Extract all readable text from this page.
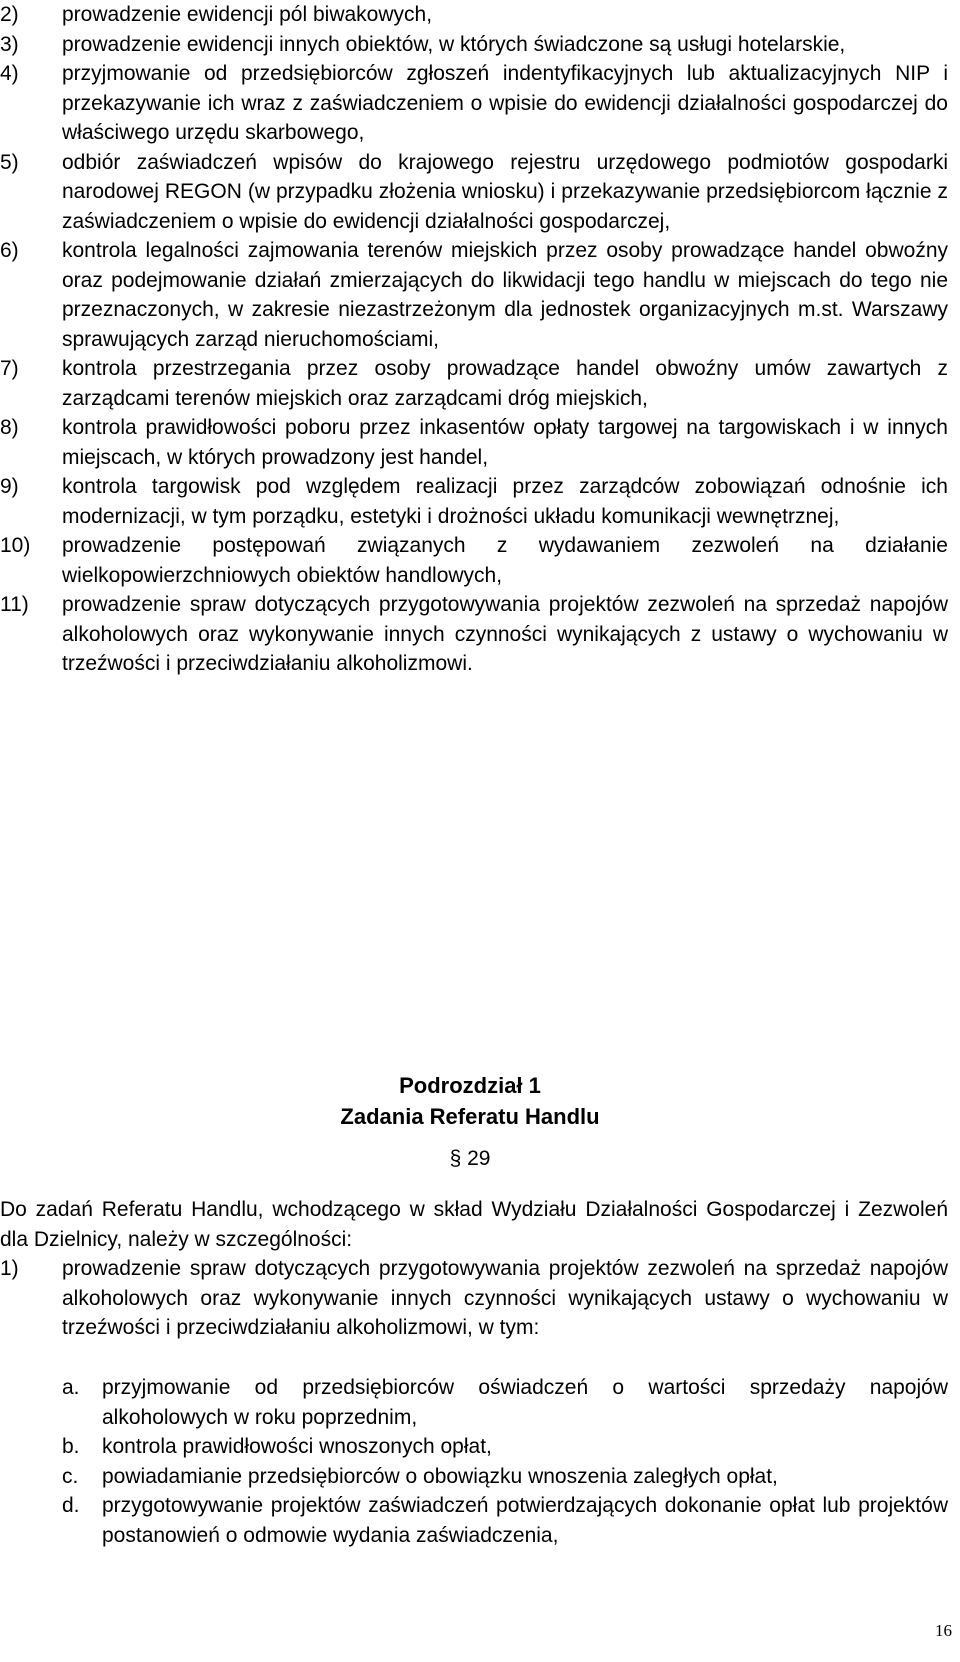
2)	prowadzenie ewidencji pól biwakowych,
3)	prowadzenie ewidencji innych obiektów, w których świadczone są usługi hotelarskie,
4)	przyjmowanie od przedsiębiorców zgłoszeń indentyfikacyjnych lub aktualizacyjnych NIP i przekazywanie ich wraz z zaświadczeniem o wpisie do ewidencji działalności gospodarczej do właściwego urzędu skarbowego,
5)	odbiór zaświadczeń wpisów do krajowego rejestru urzędowego podmiotów gospodarki narodowej REGON (w przypadku złożenia wniosku) i przekazywanie przedsiębiorcom łącznie z zaświadczeniem o wpisie do ewidencji działalności gospodarczej,
6)	kontrola legalności zajmowania terenów miejskich przez osoby prowadzące handel obwoźny oraz podejmowanie działań zmierzających do likwidacji tego handlu w miejscach do tego nie przeznaczonych, w zakresie niezastrzeżonym dla jednostek organizacyjnych m.st. Warszawy sprawujących zarząd nieruchomościami,
7)	kontrola przestrzegania przez osoby prowadzące handel obwoźny umów zawartych z zarządcami terenów miejskich oraz zarządcami dróg miejskich,
8)	kontrola prawidłowości poboru przez inkasentów opłaty targowej na targowiskach i w innych miejscach, w których prowadzony jest handel,
9)	kontrola targowisk pod względem realizacji przez zarządców zobowiązań odnośnie ich modernizacji, w tym porządku, estetyki i drożności układu komunikacji wewnętrznej,
10)	prowadzenie postępowań związanych z wydawaniem zezwoleń na działanie wielkopowierzchniowych obiektów handlowych,
11)	prowadzenie spraw dotyczących przygotowywania projektów zezwoleń na sprzedaż napojów alkoholowych oraz wykonywanie innych czynności wynikających z ustawy o wychowaniu w trzeźwości i przeciwdziałaniu alkoholizmowi.
Podrozdział 1
Zadania Referatu Handlu
§ 29
Do zadań Referatu Handlu, wchodzącego w skład Wydziału Działalności Gospodarczej i Zezwoleń dla Dzielnicy, należy w szczególności:
1)	prowadzenie spraw dotyczących przygotowywania projektów zezwoleń na sprzedaż napojów alkoholowych oraz wykonywanie innych czynności wynikających ustawy o wychowaniu w trzeźwości i przeciwdziałaniu alkoholizmowi, w tym:
a.	przyjmowanie od przedsiębiorców oświadczeń o wartości sprzedaży napojów alkoholowych w roku poprzednim,
b.	kontrola prawidłowości wnoszonych opłat,
c.	powiadamianie przedsiębiorców o obowiązku wnoszenia zaległych opłat,
d.	przygotowywanie projektów zaświadczeń potwierdzających dokonanie opłat lub projektów postanowień o odmowie wydania zaświadczenia,
16
